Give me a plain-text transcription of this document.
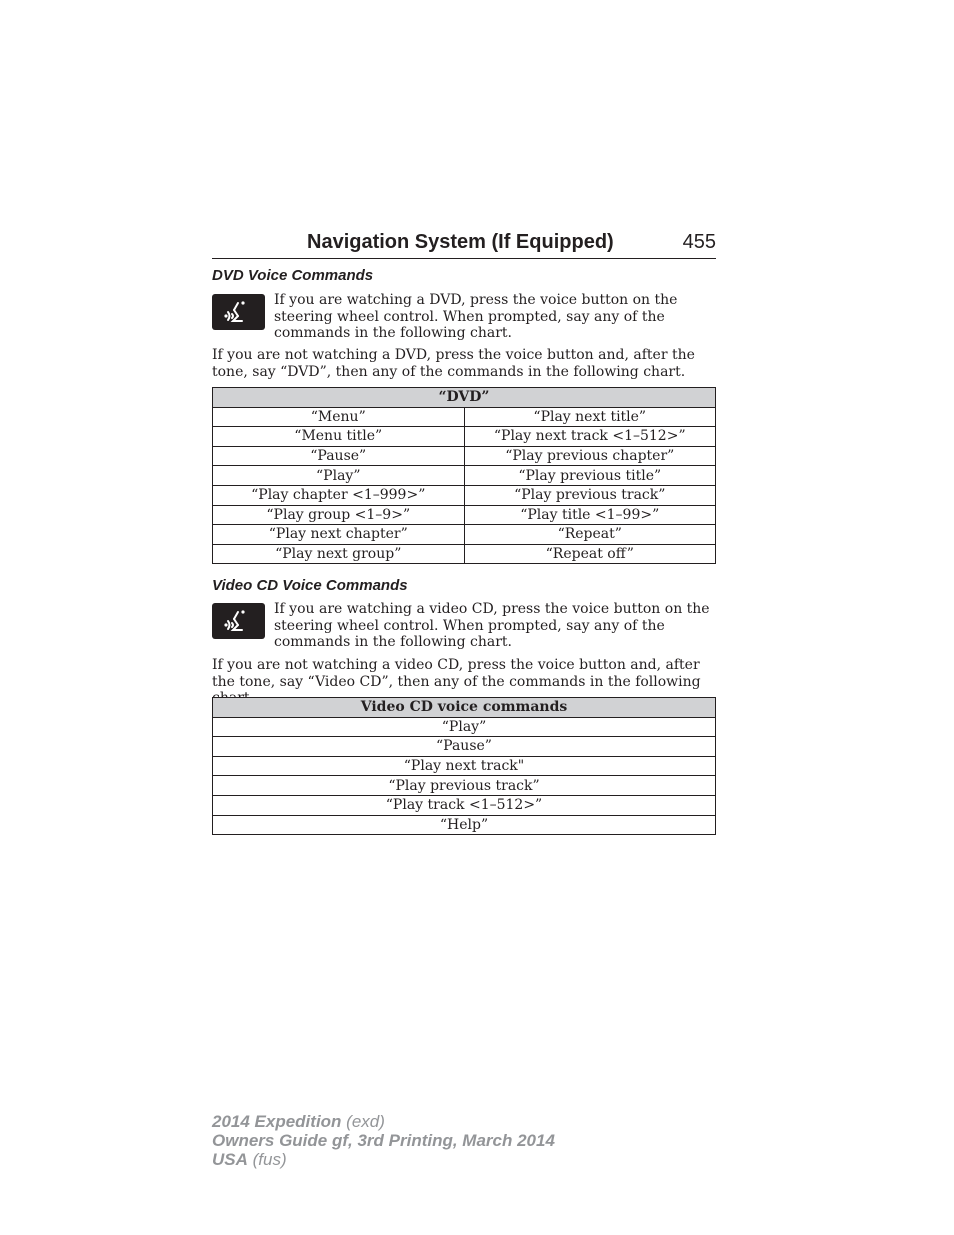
Navigation System (If Equipped)	455
DVD Voice Commands

If you are watching a DVD, press the voice button on the steering wheel control. When prompted, say any of the commands in the following chart.

If you are not watching a DVD, press the voice button and, after the tone, say “DVD”, then any of the commands in the following chart.

“DVD”	
“Menu”	“Play next title”
“Menu title”	“Play next track <1–512>”
“Pause”	“Play previous chapter”
“Play”	“Play previous title”
“Play chapter <1–999>”	“Play previous track”
“Play group <1–9>”	“Play title <1–99>”
“Play next chapter”	“Repeat”
“Play next group”	“Repeat off”
Video CD Voice Commands

If you are watching a video CD, press the voice button on the steering wheel control. When prompted, say any of the commands in the following chart.

If you are not watching a video CD, press the voice button and, after the tone, say “Video CD”, then any of the commands in the following

Video CD voice commands
“Play”
“Pause”
“Play next track"
“Play previous track”
“Play track <1–512>”
“Help”
2014 Expedition (exd)
Owners Guide gf, 3rd Printing, March 2014
USA (fus)
